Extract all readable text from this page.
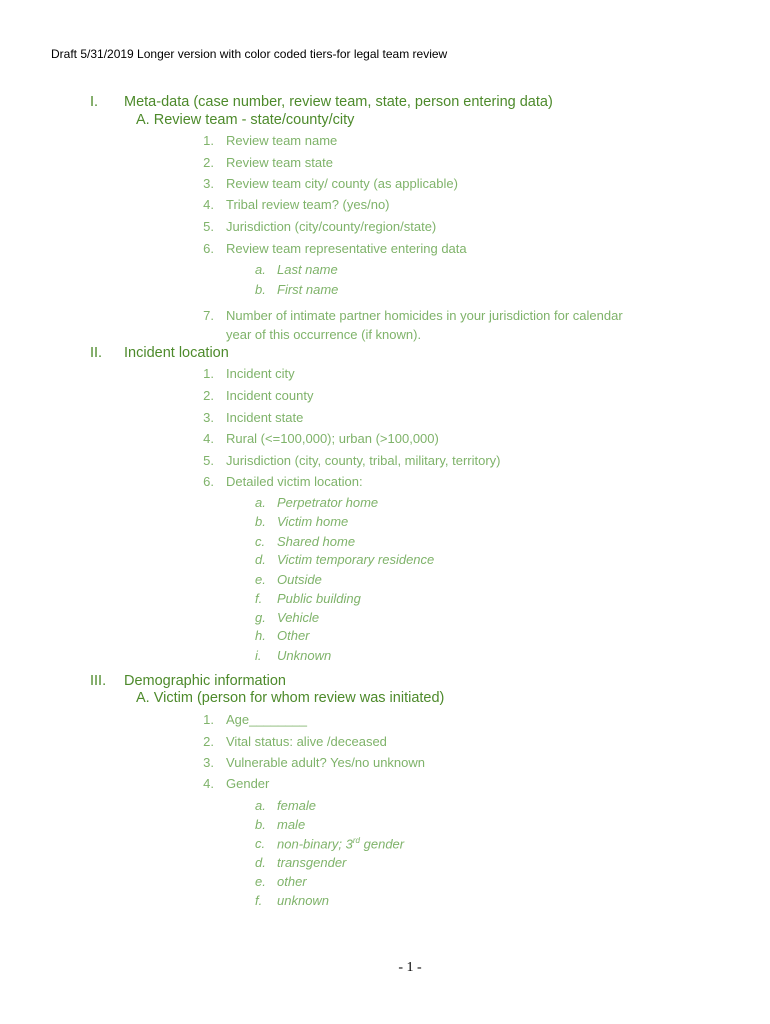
Draft 5/31/2019 Longer version with color coded tiers-for legal team review
I. Meta-data (case number, review team, state, person entering data)
A. Review team - state/county/city
1. Review team name
2. Review team state
3. Review team city/ county (as applicable)
4. Tribal review team? (yes/no)
5. Jurisdiction (city/county/region/state)
6. Review team representative entering data
a. Last name
b. First name
7. Number of intimate partner homicides in your jurisdiction for calendar
year of this occurrence (if known).
II. Incident location
1. Incident city
2. Incident county
3. Incident state
4. Rural (<=100,000); urban (>100,000)
5. Jurisdiction (city, county, tribal, military, territory)
6. Detailed victim location:
a. Perpetrator home
b. Victim home
c. Shared home
d. Victim temporary residence
e. Outside
f.	Public building
g. Vehicle
h. Other
i.	Unknown
III. Demographic information
A. Victim (person for whom review was initiated)
1. Age________
2. Vital status: alive /deceased
3. Vulnerable adult? Yes/no unknown
4. Gender
a. female
b. male
c. non-binary; 3rd gender
d. transgender
e. other
f.	unknown
- 1 -
